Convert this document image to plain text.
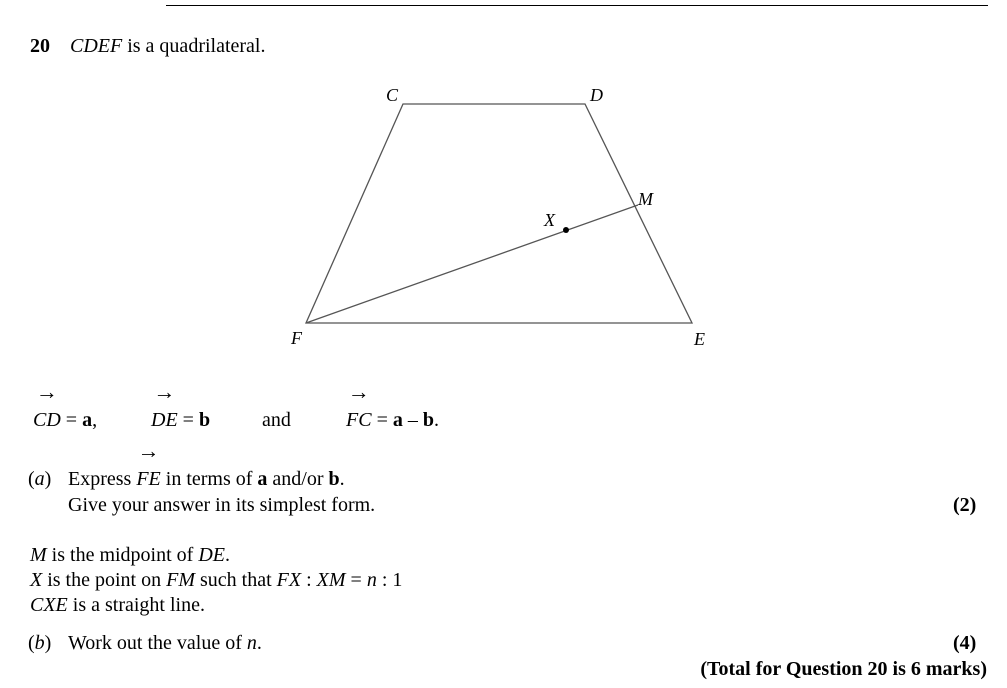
20 CDEF is a quadrilateral.
C	D
M
X
F	E
→
CD = a,
→
DE = b	and
→
FC = a – b.
(a) Express
→
FE in terms of a and/or b.
Give your answer in its simplest form.	(2)
M is the midpoint of DE.
X is the point on FM such that FX : XM = n : 1
CXE is a straight line.
(b) Work out the value of n.	(4)
(Total for Question 20 is 6 marks)
